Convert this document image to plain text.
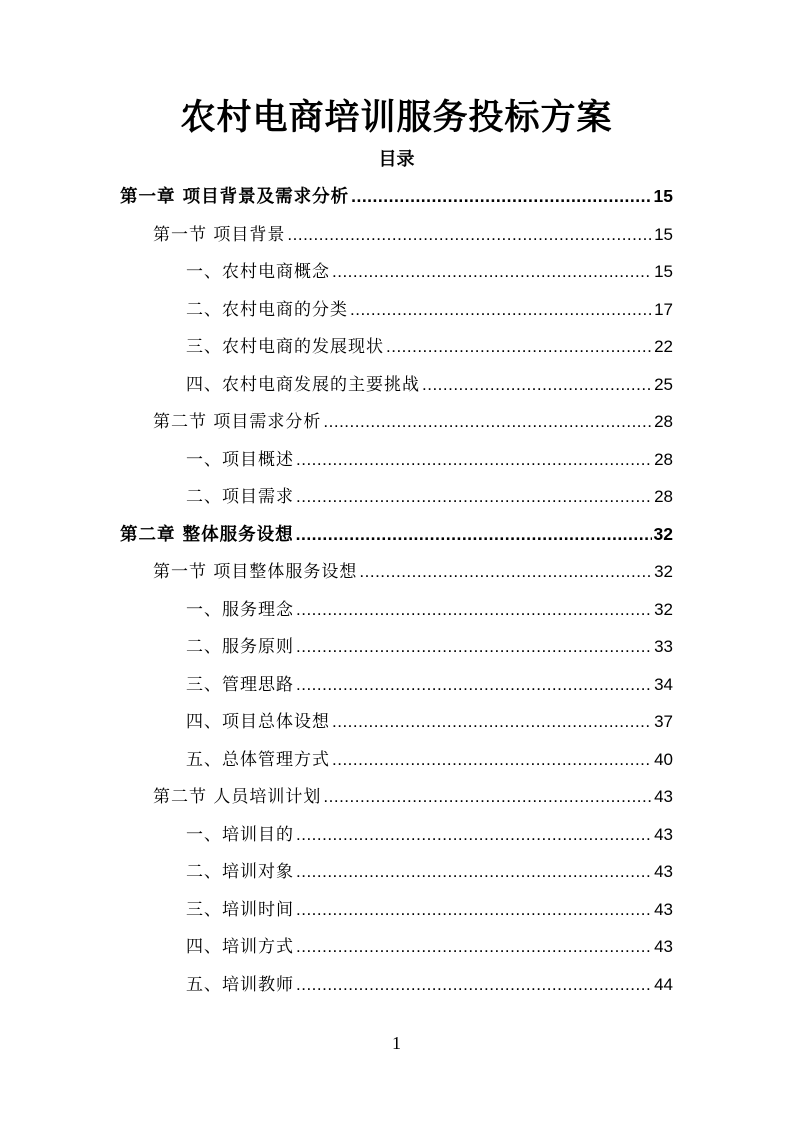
农村电商培训服务投标方案
目录
第一章 项目背景及需求分析 .....	15
第一节 项目背景 .....	15
一、农村电商概念 .....	15
二、农村电商的分类 .....	17
三、农村电商的发展现状 .....	22
四、农村电商发展的主要挑战 .....	25
第二节 项目需求分析 .....	28
一、项目概述 .....	28
二、项目需求 .....	28
第二章 整体服务设想 .....	32
第一节 项目整体服务设想 .....	32
一、服务理念 .....	32
二、服务原则 .....	33
三、管理思路 .....	34
四、项目总体设想 .....	37
五、总体管理方式 .....	40
第二节 人员培训计划 .....	43
一、培训目的 .....	43
二、培训对象 .....	43
三、培训时间 .....	43
四、培训方式 .....	43
五、培训教师 .....	44
1
